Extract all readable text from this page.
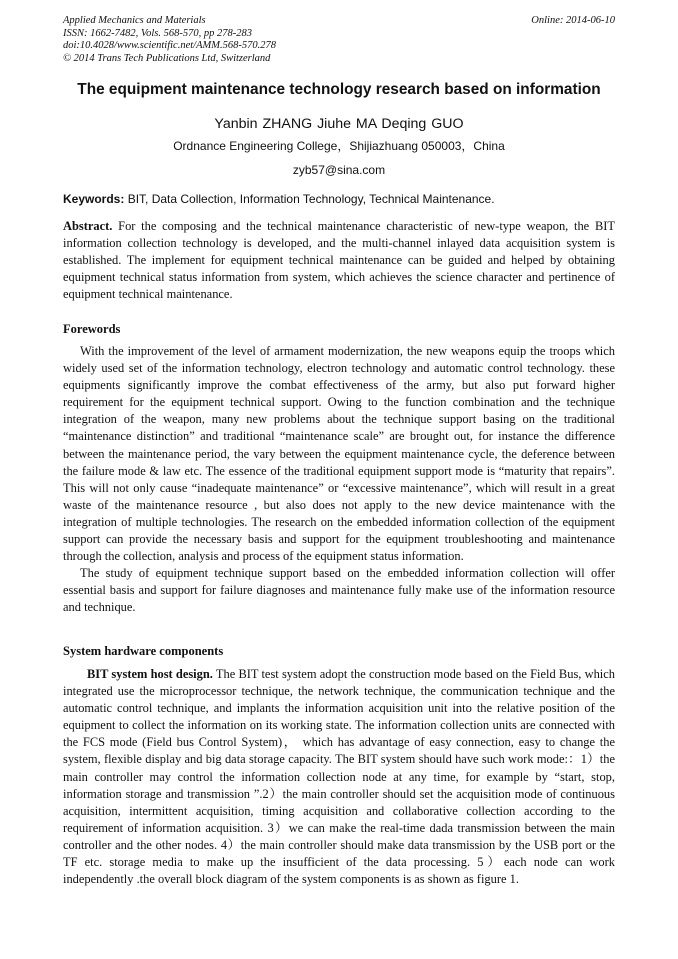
Applied Mechanics and Materials
ISSN: 1662-7482, Vols. 568-570, pp 278-283
doi:10.4028/www.scientific.net/AMM.568-570.278
© 2014 Trans Tech Publications Ltd, Switzerland
Online: 2014-06-10
The equipment maintenance technology research based on information
Yanbin ZHANG Jiuhe MA Deqing GUO
Ordnance Engineering College，Shijiazhuang 050003，China
zyb57@sina.com
Keywords: BIT, Data Collection, Information Technology, Technical Maintenance.

Abstract. For the composing and the technical maintenance characteristic of new-type weapon, the BIT information collection technology is developed, and the multi-channel inlayed data acquisition system is established. The implement for equipment technical maintenance can be guided and helped by obtaining equipment technical status information from system, which achieves the science character and pertinence of equipment technical maintenance.

Forewords

With the improvement of the level of armament modernization, the new weapons equip the troops which widely used set of the information technology, electron technology and automatic control technology. these equipments significantly improve the combat effectiveness of the army, but also put forward higher requirement for the equipment technical support. Owing to the function combination and the technique integration of the weapon, many new problems about the technique support basing on the traditional “maintenance distinction” and traditional “maintenance scale” are brought out, for instance the difference between the maintenance period, the vary between the equipment maintenance cycle, the deference between the failure mode & law etc. The essence of the traditional equipment support mode is “maturity that repairs”. This will not only cause “inadequate maintenance” or “excessive maintenance”, which will result in a great waste of the maintenance resource , but also does not apply to the new device maintenance with the integration of multiple technologies. The research on the embedded information collection of the equipment support can provide the necessary basis and support for the equipment troubleshooting and maintenance through the collection, analysis and process of the equipment status information.

The study of equipment technique support based on the embedded information collection will offer essential basis and support for failure diagnoses and maintenance fully make use of the information resource and technique.

System hardware components

BIT system host design. The BIT test system adopt the construction mode based on the Field Bus, which integrated use the microprocessor technique, the network technique, the communication technique and the automatic control technique, and implants the information acquisition unit into the relative position of the equipment to collect the information on its working state. The information collection units are connected with the FCS mode (Field bus Control System)， which has advantage of easy connection, easy to change the system, flexible display and big data storage capacity. The BIT system should have such work mode:：1）the main controller may control the information collection node at any time, for example by “start, stop, information storage and transmission ”.2）the main controller should set the acquisition mode of continuous acquisition, intermittent acquisition, timing acquisition and collaborative collection according to the requirement of information acquisition. 3）we can make the real-time dada transmission between the main controller and the other nodes. 4）the main controller should make data transmission by the USB port or the TF etc. storage media to make up the insufficient of the data processing. 5）each node can work independently .the overall block diagram of the system components is as shown as figure 1.
